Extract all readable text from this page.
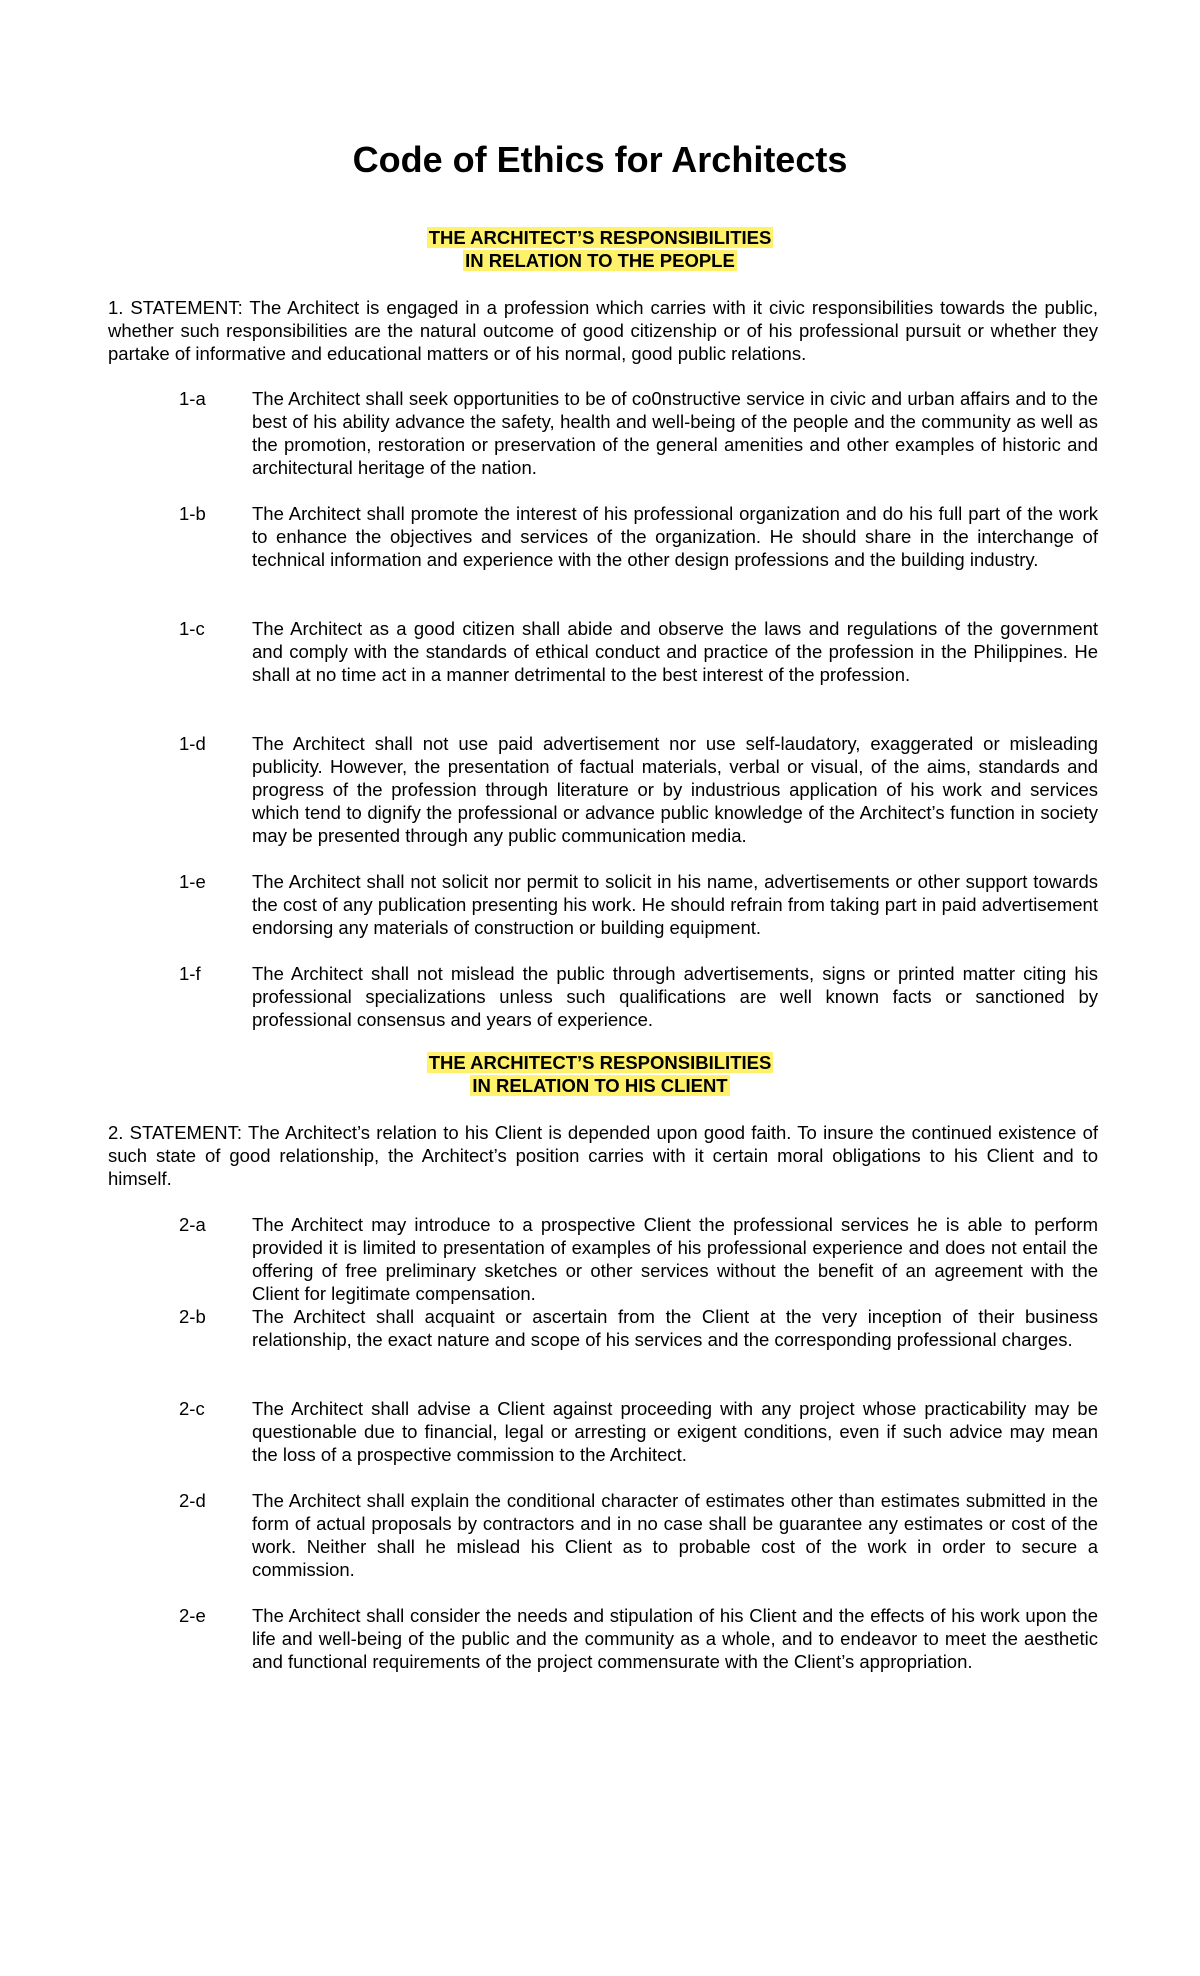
Code of Ethics for Architects
THE ARCHITECT’S RESPONSIBILITIES
IN RELATION TO THE PEOPLE

1. STATEMENT: The Architect is engaged in a profession which carries with it civic responsibilities towards the public, whether such responsibilities are the natural outcome of good citizenship or of his professional pursuit or whether they partake of informative and educational matters or of his normal, good public relations.

1-a	The Architect shall seek opportunities to be of co0nstructive service in civic and urban affairs and to the best of his ability advance the safety, health and well-being of the people and the community as well as the promotion, restoration or preservation of the general amenities and other examples of historic and architectural heritage of the nation.
1-b	The Architect shall promote the interest of his professional organization and do his full part of the work to enhance the objectives and services of the organization. He should share in the interchange of technical information and experience with the other design professions and the building industry.
1-c	The Architect as a good citizen shall abide and observe the laws and regulations of the government and comply with the standards of ethical conduct and practice of the profession in the Philippines. He shall at no time act in a manner detrimental to the best interest of the profession.
1-d	The Architect shall not use paid advertisement nor use self-laudatory, exaggerated or misleading publicity. However, the presentation of factual materials, verbal or visual, of the aims, standards and progress of the profession through literature or by industrious application of his work and services which tend to dignify the professional or advance public knowledge of the Architect’s function in society may be presented through any public communication media.
1-e	The Architect shall not solicit nor permit to solicit in his name, advertisements or other support towards the cost of any publication presenting his work. He should refrain from taking part in paid advertisement endorsing any materials of construction or building equipment.
1-f	The Architect shall not mislead the public through advertisements, signs or printed matter citing his professional specializations unless such qualifications are well known facts or sanctioned by professional consensus and years of experience.
THE ARCHITECT’S RESPONSIBILITIES
IN RELATION TO HIS CLIENT

2. STATEMENT: The Architect’s relation to his Client is depended upon good faith. To insure the continued existence of such state of good relationship, the Architect’s position carries with it certain moral obligations to his Client and to himself.

2-a	The Architect may introduce to a prospective Client the professional services he is able to perform provided it is limited to presentation of examples of his professional experience and does not entail the offering of free preliminary sketches or other services without the benefit of an agreement with the Client for legitimate compensation.
2-b	The Architect shall acquaint or ascertain from the Client at the very inception of their business relationship, the exact nature and scope of his services and the corresponding professional charges.
2-c	The Architect shall advise a Client against proceeding with any project whose practicability may be questionable due to financial, legal or arresting or exigent conditions, even if such advice may mean the loss of a prospective commission to the Architect.
2-d	The Architect shall explain the conditional character of estimates other than estimates submitted in the form of actual proposals by contractors and in no case shall be guarantee any estimates or cost of the work. Neither shall he mislead his Client as to probable cost of the work in order to secure a commission.
2-e	The Architect shall consider the needs and stipulation of his Client and the effects of his work upon the life and well-being of the public and the community as a whole, and to endeavor to meet the aesthetic and functional requirements of the project commensurate with the Client’s appropriation.
